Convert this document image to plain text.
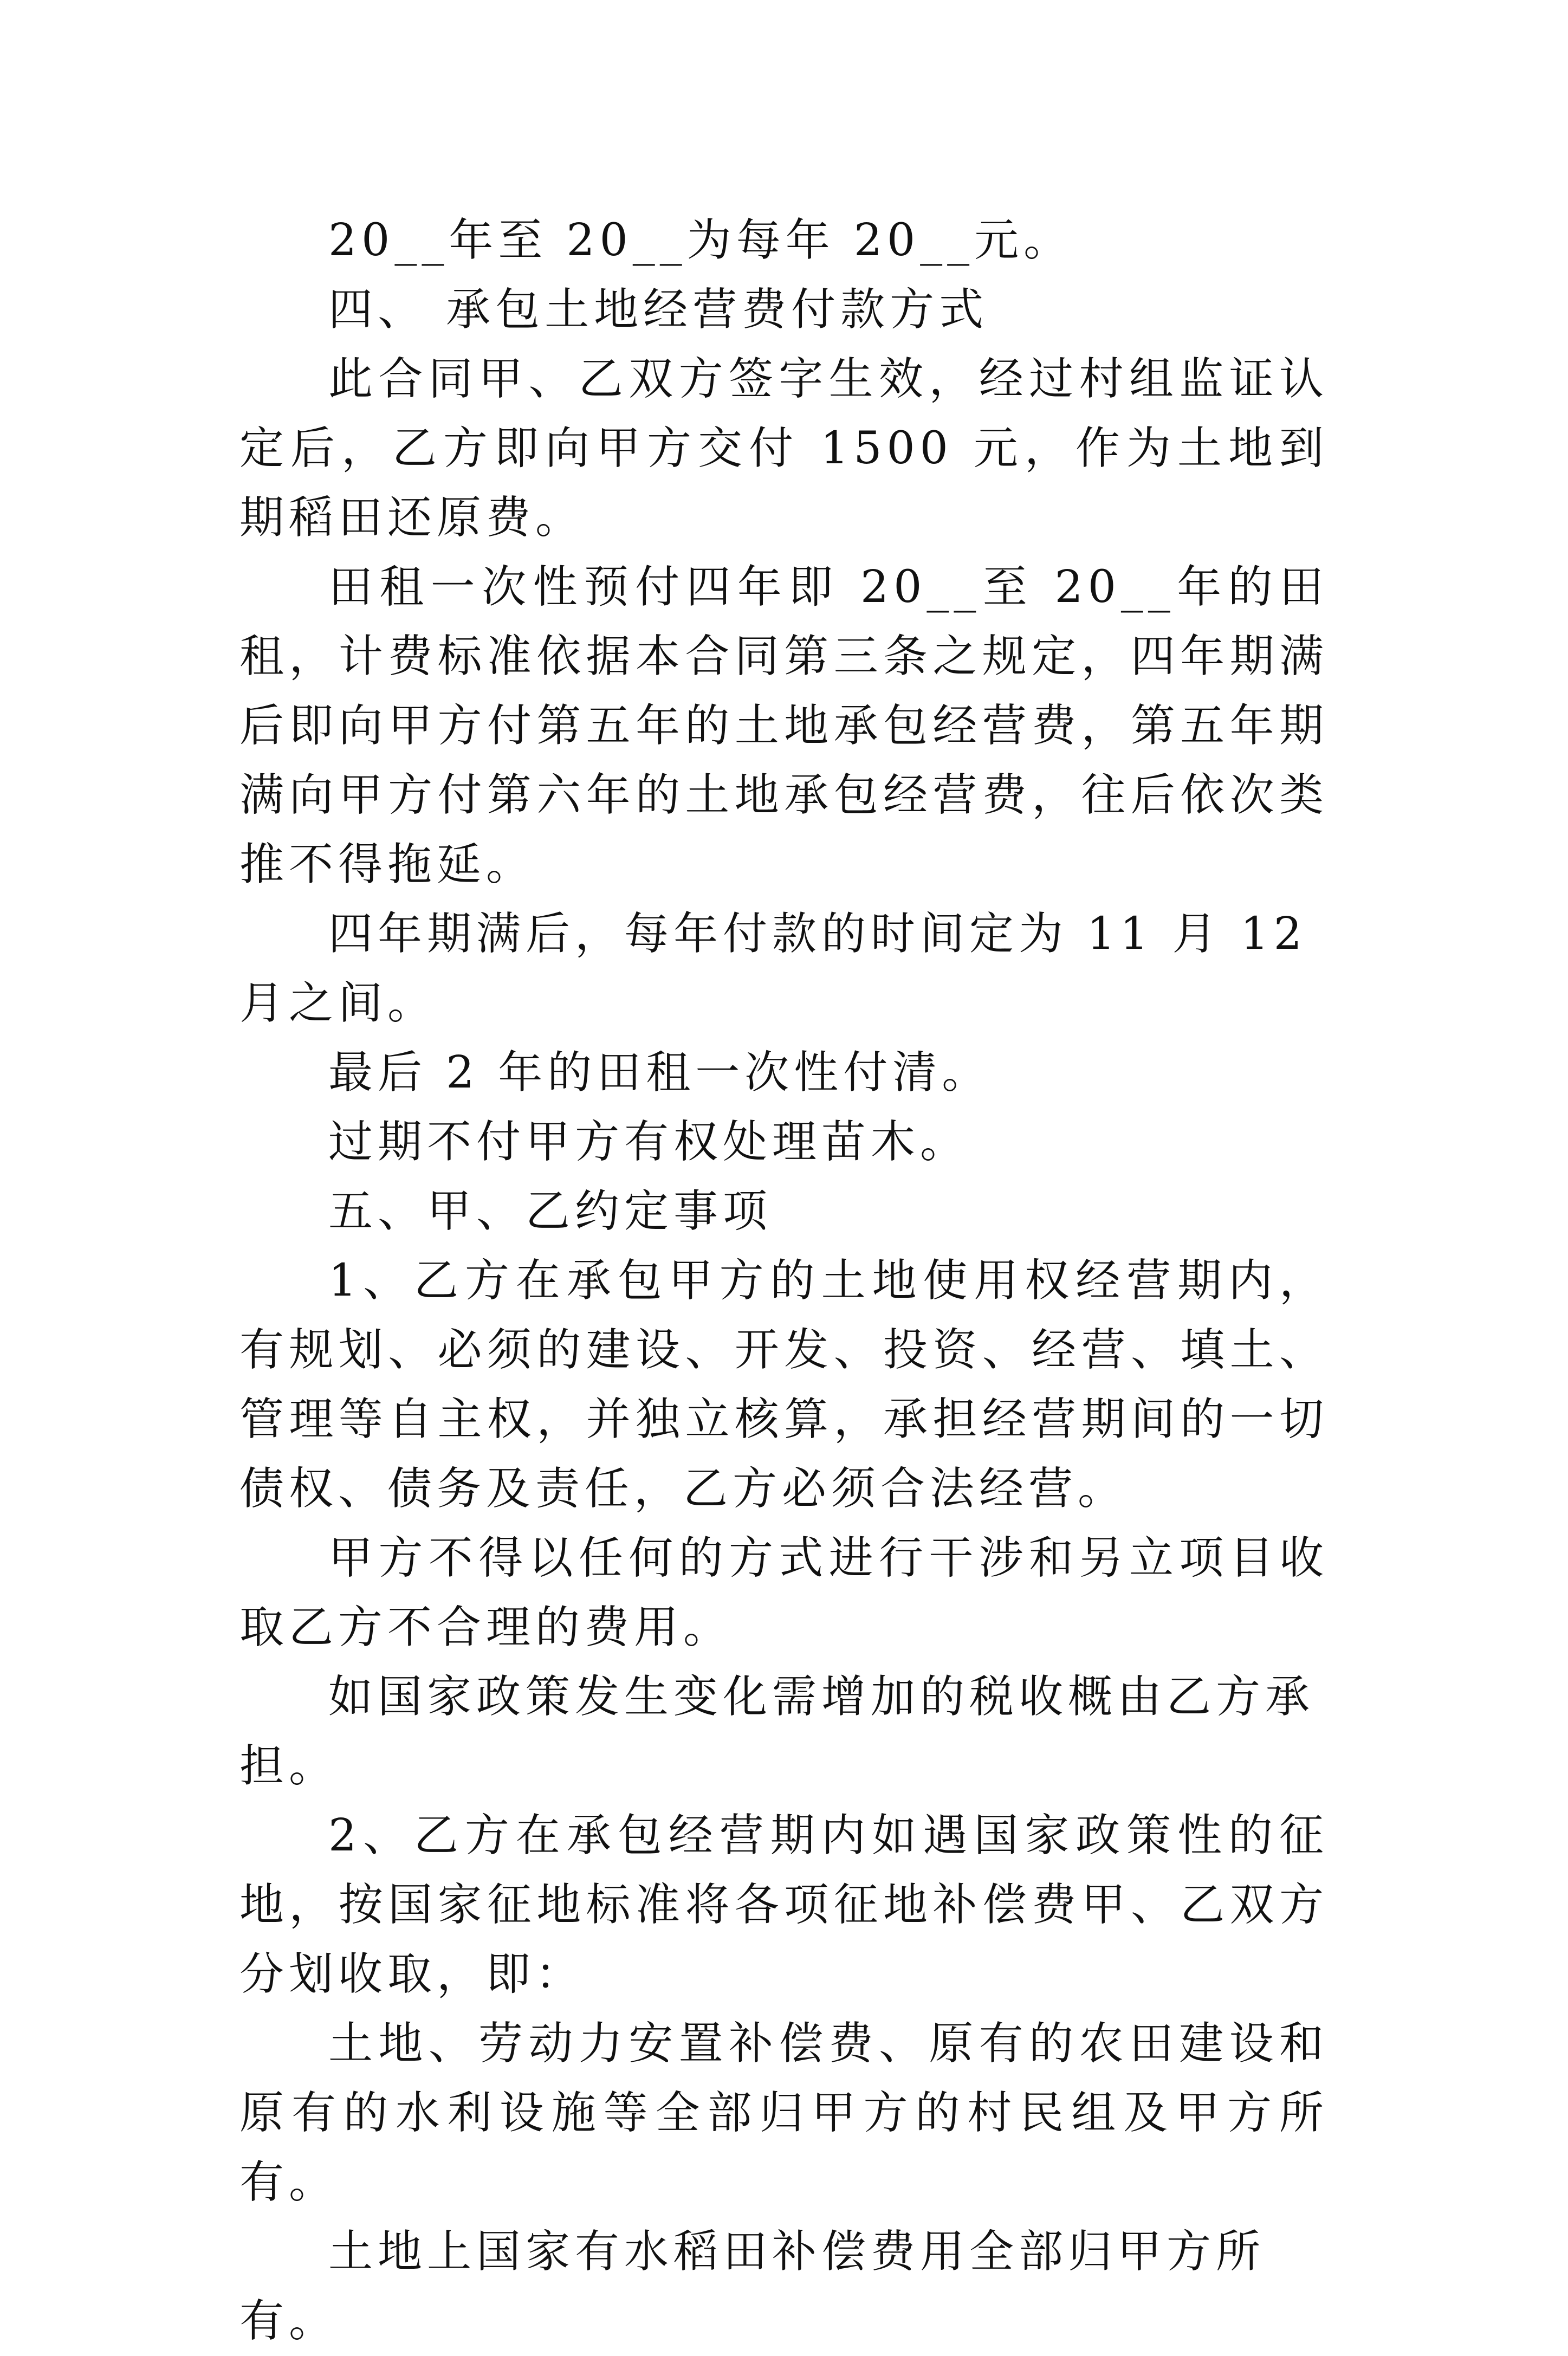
20__年至 20__为每年 20__元。

四、 承包土地经营费付款方式

此合同甲、乙双方签字生效，经过村组监证认定后，乙方即向甲方交付 1500 元，作为土地到期稻田还原费。

田租一次性预付四年即 20__至 20__年的田租，计费标准依据本合同第三条之规定，四年期满后即向甲方付第五年的土地承包经营费，第五年期满向甲方付第六年的土地承包经营费，往后依次类推不得拖延。

四年期满后，每年付款的时间定为 11 月 12 月之间。

最后 2 年的田租一次性付清。

过期不付甲方有权处理苗木。

五、甲、乙约定事项

1、乙方在承包甲方的土地使用权经营期内，有规划、必须的建设、开发、投资、经营、填土、管理等自主权，并独立核算，承担经营期间的一切债权、债务及责任，乙方必须合法经营。

甲方不得以任何的方式进行干涉和另立项目收取乙方不合理的费用。

如国家政策发生变化需增加的税收概由乙方承担。

2、乙方在承包经营期内如遇国家政策性的征地，按国家征地标准将各项征地补偿费甲、乙双方分划收取，即：

土地、劳动力安置补偿费、原有的农田建设和原有的水利设施等全部归甲方的村民组及甲方所有。

土地上国家有水稻田补偿费用全部归甲方所有。
